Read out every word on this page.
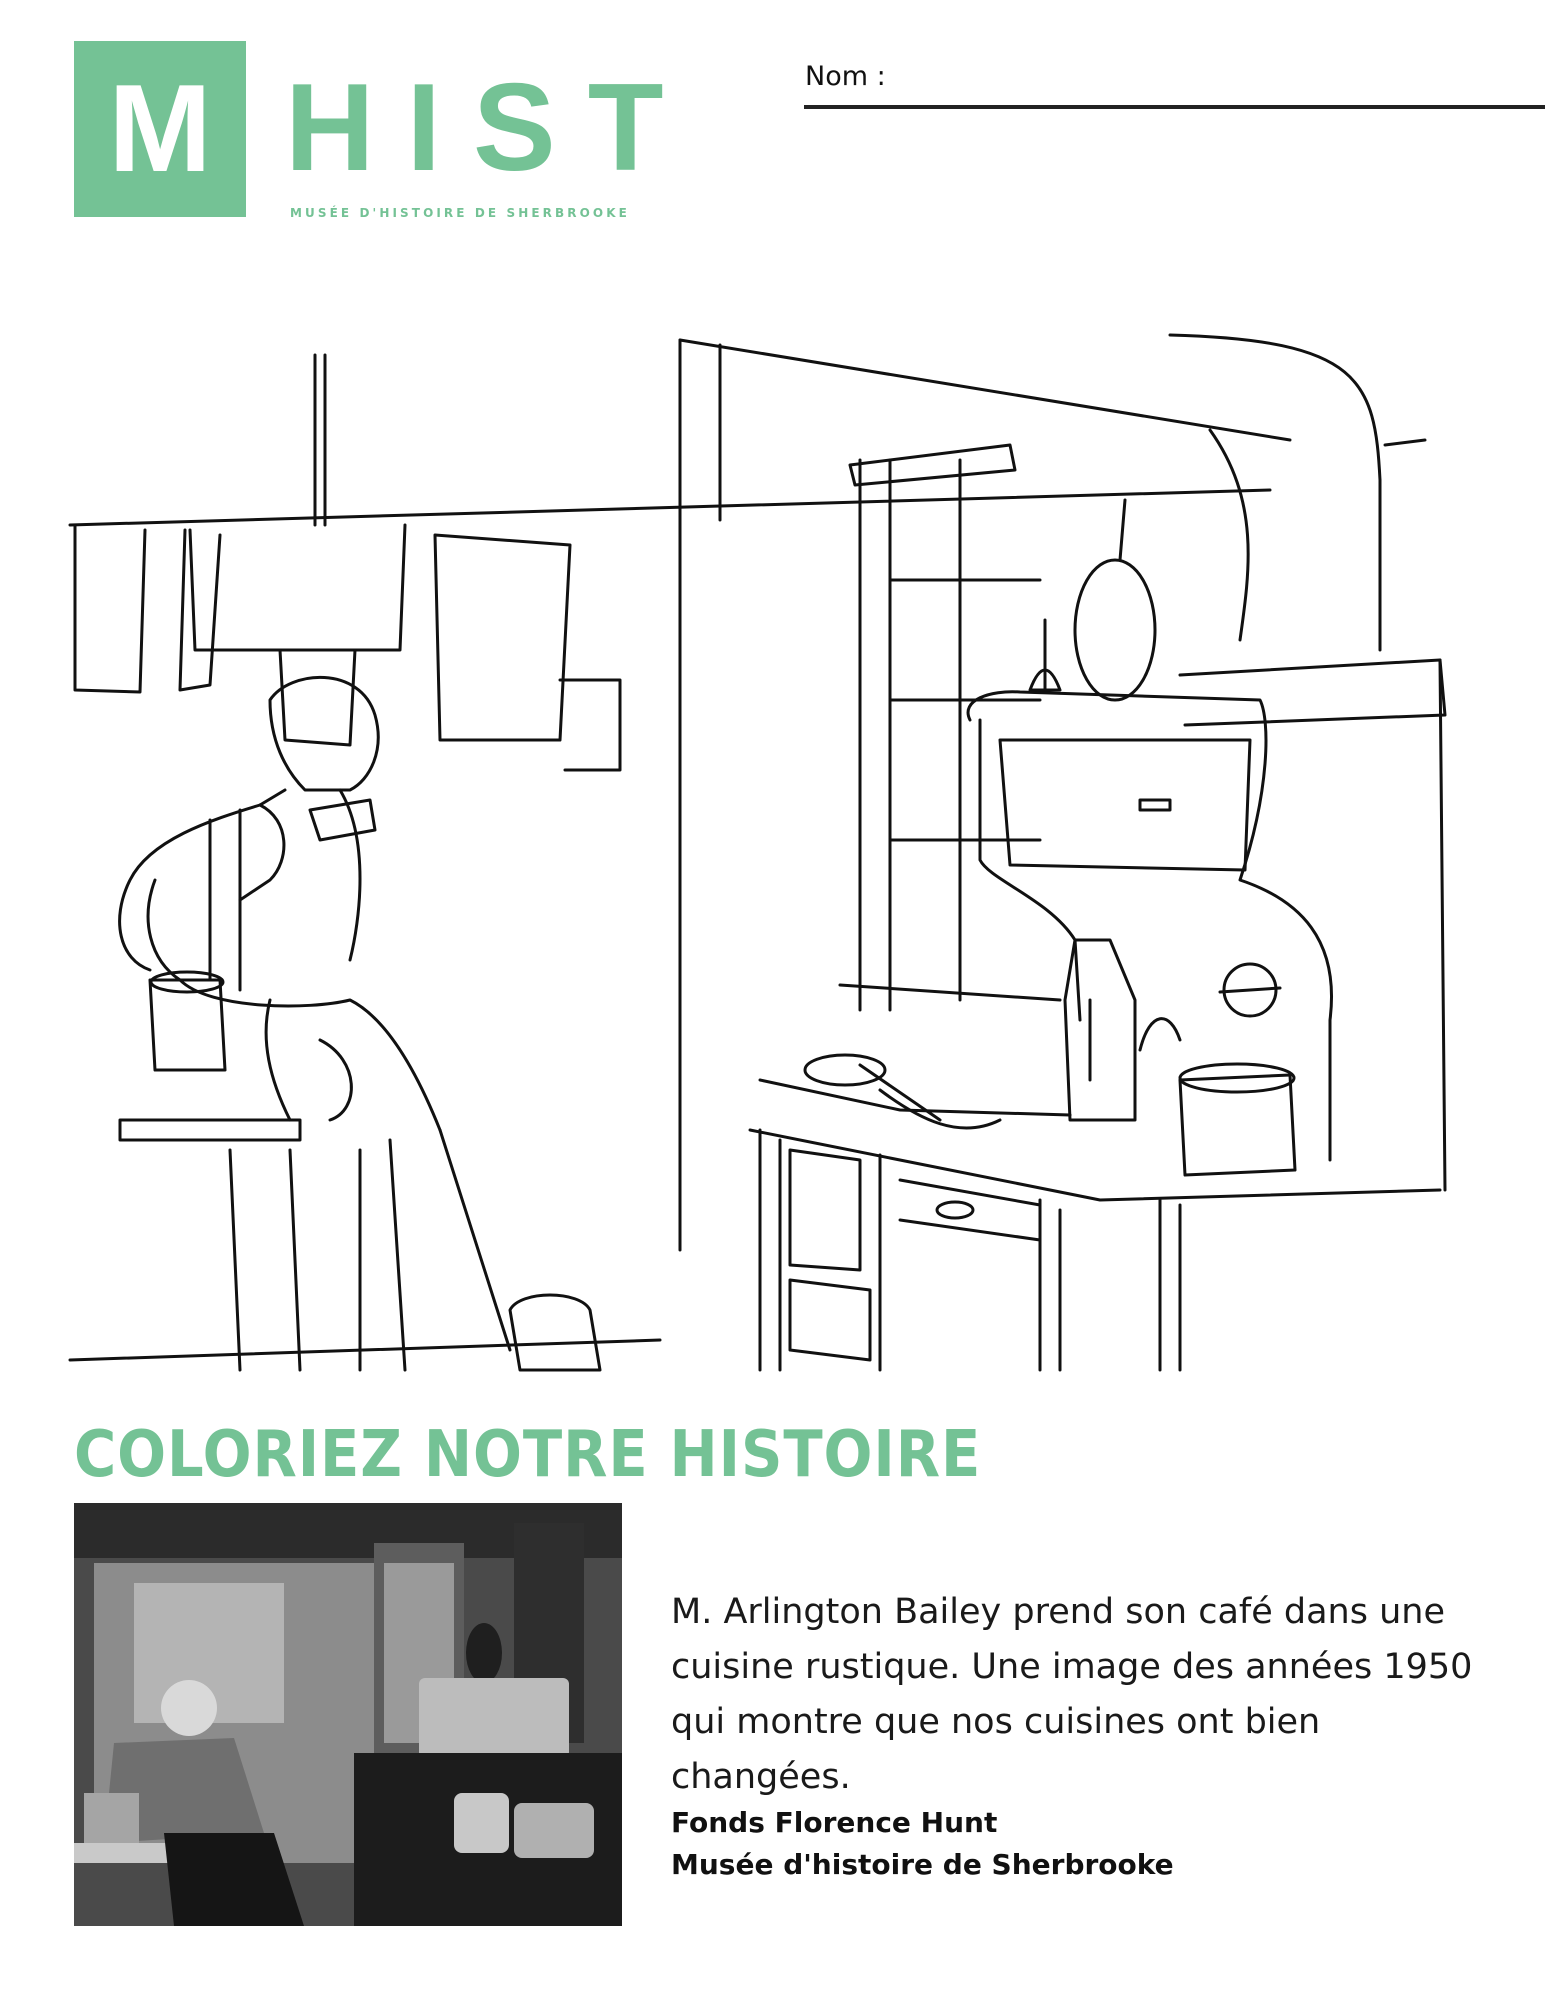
M HIST
MUSÉE D'HISTOIRE DE SHERBROOKE
Nom :
COLORIEZ NOTRE HISTOIRE
M. Arlington Bailey prend son café dans une cuisine rustique. Une image des années 1950 qui montre que nos cuisines ont bien changées.
Fonds Florence Hunt
Musée d'histoire de Sherbrooke
